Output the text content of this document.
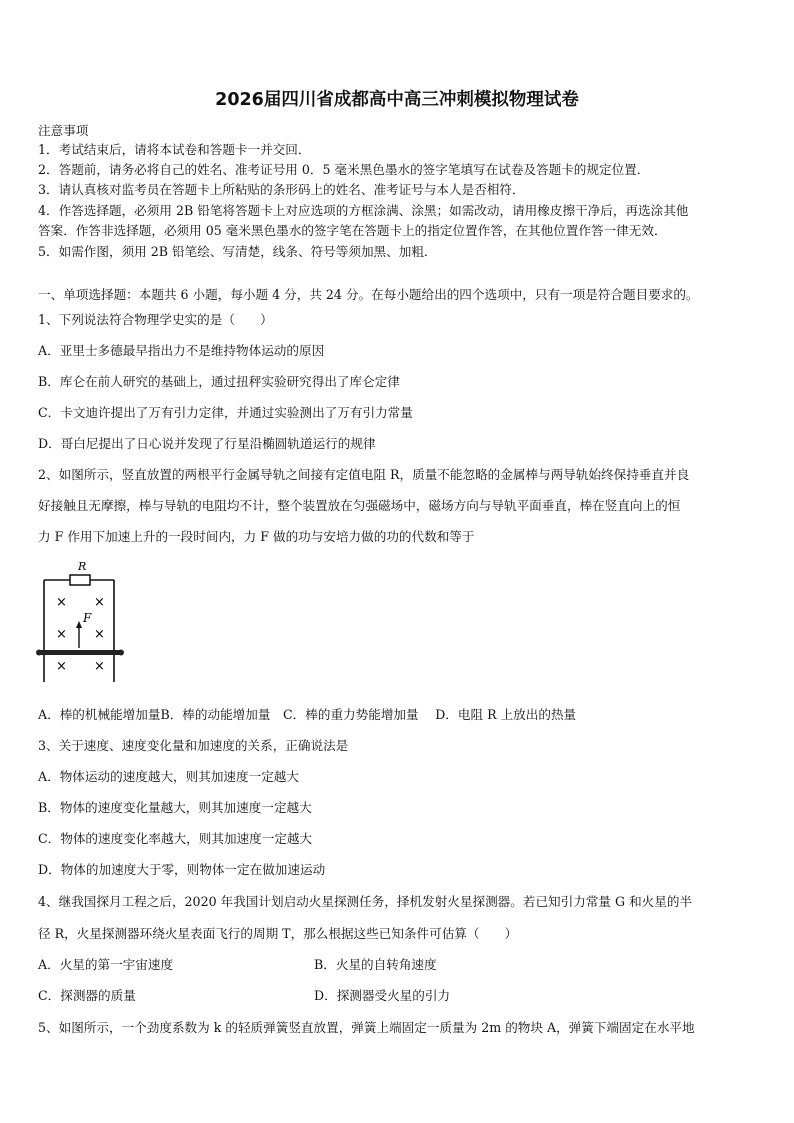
2026届四川省成都高中高三冲刺模拟物理试卷
注意事项
1．考试结束后，请将本试卷和答题卡一并交回．
2．答题前，请务必将自己的姓名、准考证号用 0．5 毫米黑色墨水的签字笔填写在试卷及答题卡的规定位置．
3．请认真核对监考员在答题卡上所粘贴的条形码上的姓名、准考证号与本人是否相符．
4．作答选择题，必须用 2B 铅笔将答题卡上对应选项的方框涂满、涂黑；如需改动，请用橡皮擦干净后，再选涂其他
答案．作答非选择题，必须用 05 毫米黑色墨水的签字笔在答题卡上的指定位置作答，在其他位置作答一律无效．
5．如需作图，须用 2B 铅笔绘、写清楚，线条、符号等须加黑、加粗．
一、单项选择题：本题共 6 小题，每小题 4 分，共 24 分。在每小题给出的四个选项中，只有一项是符合题目要求的。
1、下列说法符合物理学史实的是（　　）
A．亚里士多德最早指出力不是维持物体运动的原因
B．库仑在前人研究的基础上，通过扭秤实验研究得出了库仑定律
C．卡文迪许提出了万有引力定律，并通过实验测出了万有引力常量
D．哥白尼提出了日心说并发现了行星沿椭圆轨道运行的规律
2、如图所示，竖直放置的两根平行金属导轨之间接有定值电阻 R，质量不能忽略的金属棒与两导轨始终保持垂直并良
好接触且无摩擦，棒与导轨的电阻均不计，整个装置放在匀强磁场中，磁场方向与导轨平面垂直，棒在竖直向上的恒
力 F 作用下加速上升的一段时间内，力 F 做的功与安培力做的功的代数和等于
R
× ×
× ×
× ×
F
A．棒的机械能增加量B．棒的动能增加量　C．棒的重力势能增加量　 D．电阻 R 上放出的热量
3、关于速度、速度变化量和加速度的关系，正确说法是
A．物体运动的速度越大，则其加速度一定越大
B．物体的速度变化量越大，则其加速度一定越大
C．物体的速度变化率越大，则其加速度一定越大
D．物体的加速度大于零，则物体一定在做加速运动
4、继我国探月工程之后，2020 年我国计划启动火星探测任务，择机发射火星探测器。若已知引力常量 G 和火星的半
径 R，火星探测器环绕火星表面飞行的周期 T，那么根据这些已知条件可估算（　　）
A．火星的第一宇宙速度	B．火星的自转角速度
C．探测器的质量	D．探测器受火星的引力
5、如图所示，一个劲度系数为 k 的轻质弹簧竖直放置，弹簧上端固定一质量为 2m 的物块 A，弹簧下端固定在水平地
